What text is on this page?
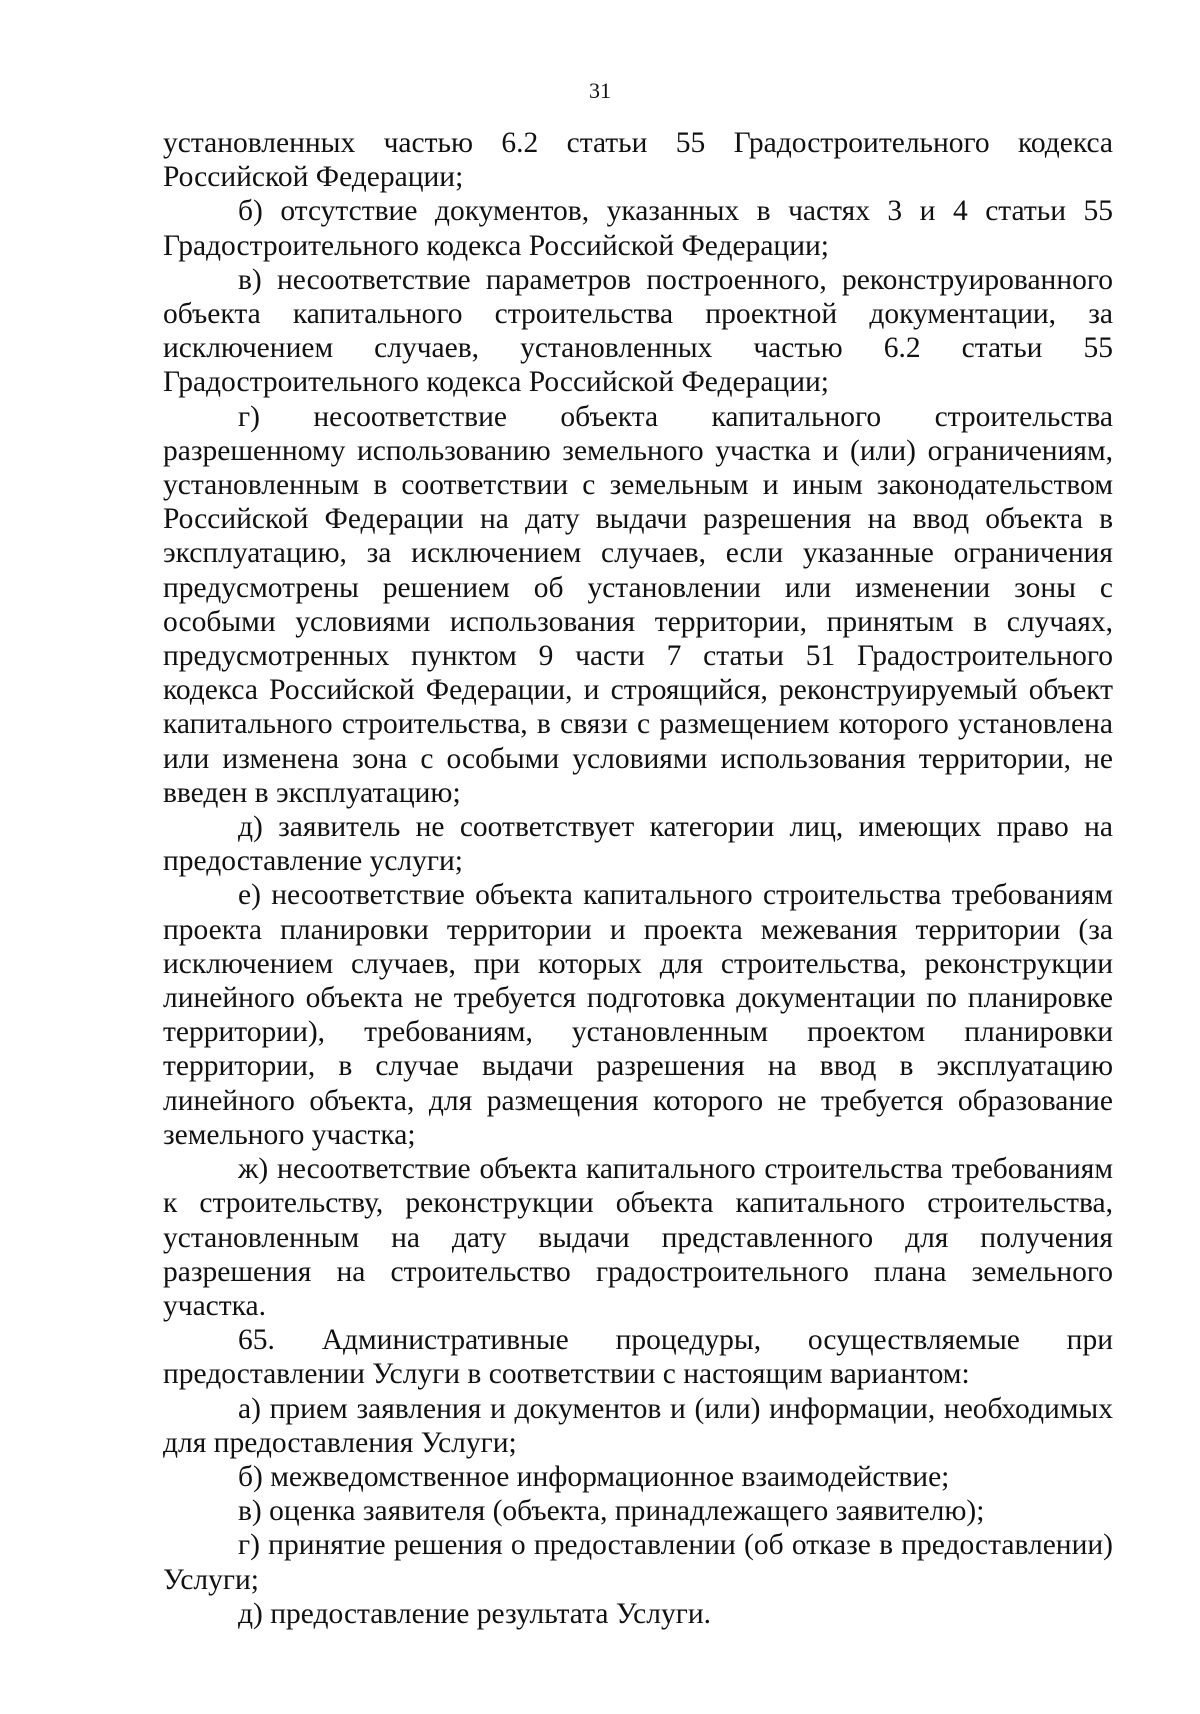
31

установленных частью 6.2 статьи 55 Градостроительного кодекса Российской Федерации;

б) отсутствие документов, указанных в частях 3 и 4 статьи 55 Градостроительного кодекса Российской Федерации;

в) несоответствие параметров построенного, реконструированного объекта капитального строительства проектной документации, за исключением случаев, установленных частью 6.2 статьи 55 Градостроительного кодекса Российской Федерации;

г) несоответствие объекта капитального строительства разрешенному использованию земельного участка и (или) ограничениям, установленным в соответствии с земельным и иным законодательством Российской Федерации на дату выдачи разрешения на ввод объекта в эксплуатацию, за исключением случаев, если указанные ограничения предусмотрены решением об установлении или изменении зоны с особыми условиями использования территории, принятым в случаях, предусмотренных пунктом 9 части 7 статьи 51 Градостроительного кодекса Российской Федерации, и строящийся, реконструируемый объект капитального строительства, в связи с размещением которого установлена или изменена зона с особыми условиями использования территории, не введен в эксплуатацию;

д) заявитель не соответствует категории лиц, имеющих право на предоставление услуги;

е) несоответствие объекта капитального строительства требованиям проекта планировки территории и проекта межевания территории (за исключением случаев, при которых для строительства, реконструкции линейного объекта не требуется подготовка документации по планировке территории), требованиям, установленным проектом планировки территории, в случае выдачи разрешения на ввод в эксплуатацию линейного объекта, для размещения которого не требуется образование земельного участка;

ж) несоответствие объекта капитального строительства требованиям к строительству, реконструкции объекта капитального строительства, установленным на дату выдачи представленного для получения разрешения на строительство градостроительного плана земельного участка.

65. Административные процедуры, осуществляемые при предоставлении Услуги в соответствии с настоящим вариантом:

а) прием заявления и документов и (или) информации, необходимых для предоставления Услуги;

б) межведомственное информационное взаимодействие;

в) оценка заявителя (объекта, принадлежащего заявителю);

г) принятие решения о предоставлении (об отказе в предоставлении) Услуги;

д) предоставление результата Услуги.
